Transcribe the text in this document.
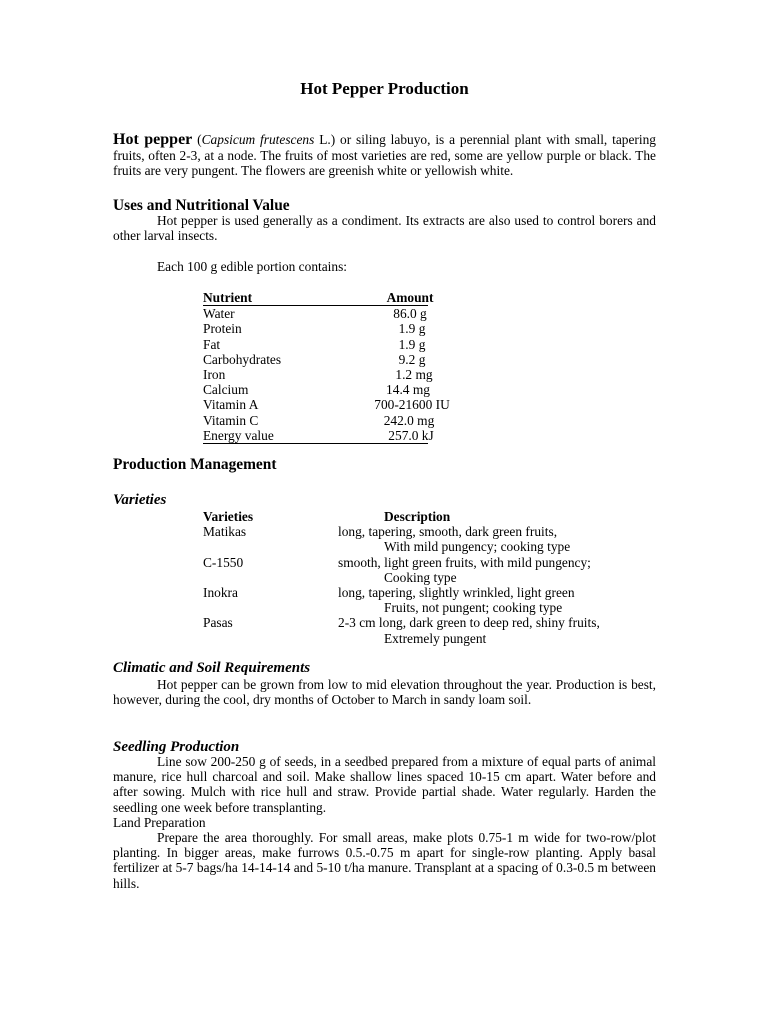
Hot Pepper Production

Hot pepper (Capsicum frutescens L.) or siling labuyo, is a perennial plant with small, tapering fruits, often 2-3, at a node. The fruits of most varieties are red, some are yellow purple or black. The fruits are very pungent. The flowers are greenish white or yellowish white.

Uses and Nutritional Value

Hot pepper is used generally as a condiment. Its extracts are also used to control borers and other larval insects.

Each 100 g edible portion contains:

Nutrient	Amount
Water	86.0 g
Protein	1.9 g
Fat	1.9 g
Carbohydrates	9.2 g
Iron	1.2 mg
Calcium	14.4 mg
Vitamin A	700-21600 IU
Vitamin C	242.0 mg
Energy value	257.0 kJ
Production Management
Varieties
Varieties	Description
Matikas	long, tapering, smooth, dark green fruits,
With mild pungency; cooking type
C-1550	smooth, light green fruits, with mild pungency;
Cooking type
Inokra	long, tapering, slightly wrinkled, light green
Fruits, not pungent; cooking type
Pasas	2-3 cm long, dark green to deep red, shiny fruits,
Extremely pungent
Climatic and Soil Requirements

Hot pepper can be grown from low to mid elevation throughout the year. Production is best, however, during the cool, dry months of October to March in sandy loam soil.

Seedling Production

Line sow 200-250 g of seeds, in a seedbed prepared from a mixture of equal parts of animal manure, rice hull charcoal and soil. Make shallow lines spaced 10-15 cm apart. Water before and after sowing. Mulch with rice hull and straw. Provide partial shade. Water regularly. Harden the seedling one week before transplanting.

Land Preparation

Prepare the area thoroughly. For small areas, make plots 0.75-1 m wide for two-row/plot planting. In bigger areas, make furrows 0.5.-0.75 m apart for single-row planting. Apply basal fertilizer at 5-7 bags/ha 14-14-14 and 5-10 t/ha manure. Transplant at a spacing of 0.3-0.5 m between hills.
